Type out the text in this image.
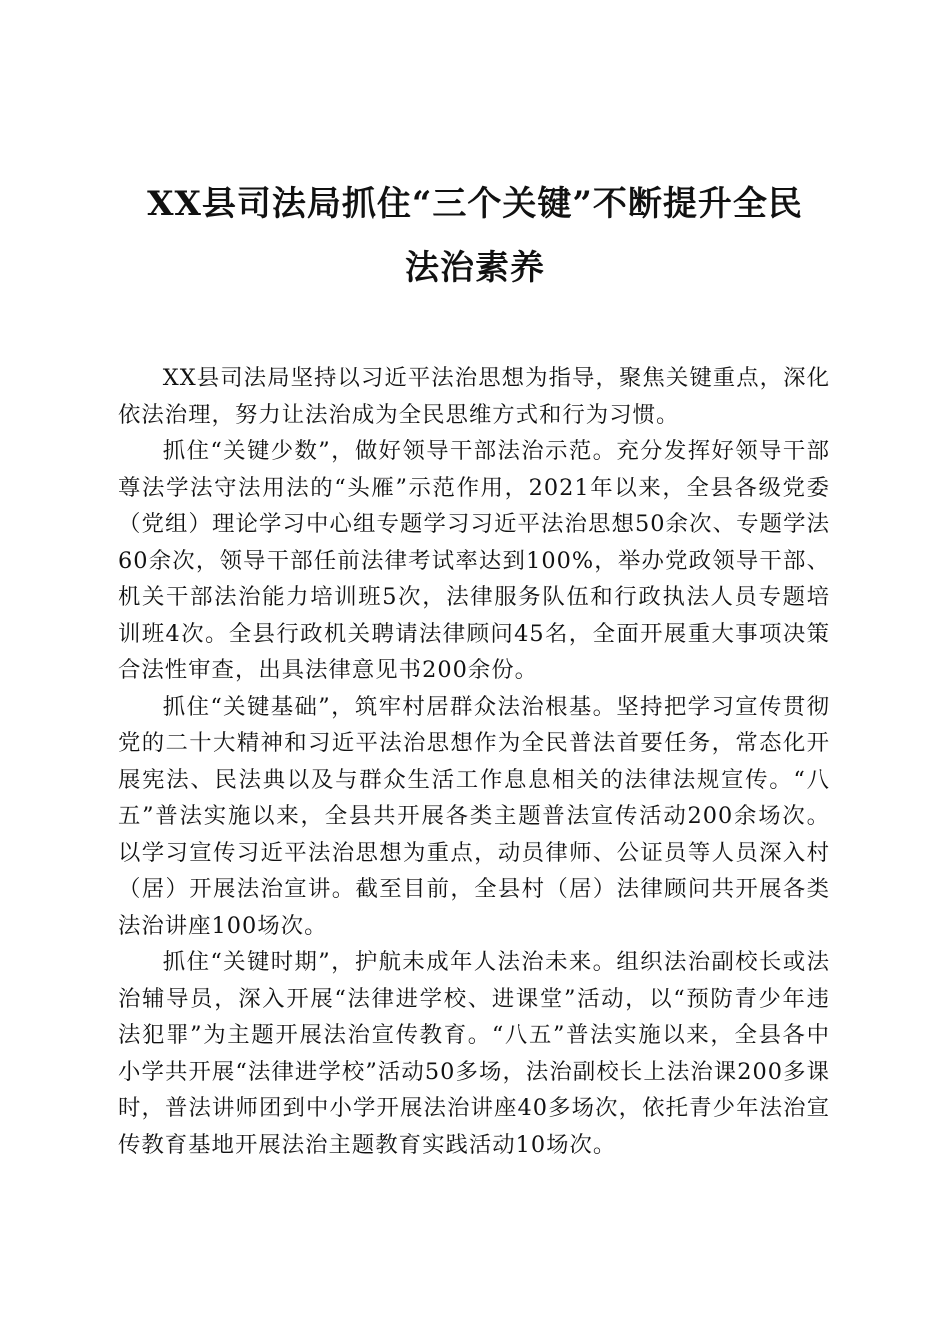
XX县司法局抓住“三个关键”不断提升全民
法治素养

XX县司法局坚持以习近平法治思想为指导，聚焦关键重点，深化依法治理，努力让法治成为全民思维方式和行为习惯。

抓住“关键少数”，做好领导干部法治示范。充分发挥好领导干部尊法学法守法用法的“头雁”示范作用，2021年以来，全县各级党委（党组）理论学习中心组专题学习习近平法治思想50余次、专题学法60余次，领导干部任前法律考试率达到100%，举办党政领导干部、机关干部法治能力培训班5次，法律服务队伍和行政执法人员专题培训班4次。全县行政机关聘请法律顾问45名，全面开展重大事项决策合法性审查，出具法律意见书200余份。

抓住“关键基础”，筑牢村居群众法治根基。坚持把学习宣传贯彻党的二十大精神和习近平法治思想作为全民普法首要任务，常态化开展宪法、民法典以及与群众生活工作息息相关的法律法规宣传。“八五”普法实施以来，全县共开展各类主题普法宣传活动200余场次。以学习宣传习近平法治思想为重点，动员律师、公证员等人员深入村（居）开展法治宣讲。截至目前，全县村（居）法律顾问共开展各类法治讲座100场次。

抓住“关键时期”，护航未成年人法治未来。组织法治副校长或法治辅导员，深入开展“法律进学校、进课堂”活动，以“预防青少年违法犯罪”为主题开展法治宣传教育。“八五”普法实施以来，全县各中小学共开展“法律进学校”活动50多场，法治副校长上法治课200多课时，普法讲师团到中小学开展法治讲座40多场次，依托青少年法治宣传教育基地开展法治主题教育实践活动10场次。
